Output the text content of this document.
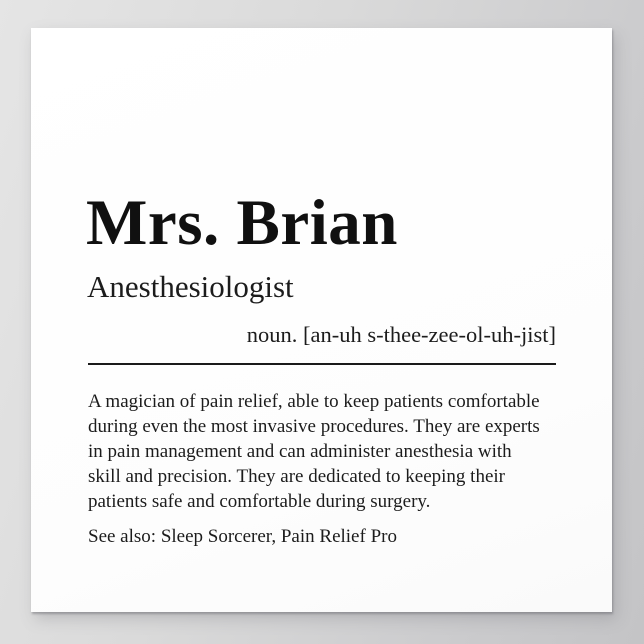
Mrs. Brian
Anesthesiologist
noun. [an-uh s-thee-zee-ol-uh-jist]
A magician of pain relief, able to keep patients comfortable
during even the most invasive procedures. They are experts
in pain management and can administer anesthesia with
skill and precision. They are dedicated to keeping their
patients safe and comfortable during surgery.
See also: Sleep Sorcerer, Pain Relief Pro
